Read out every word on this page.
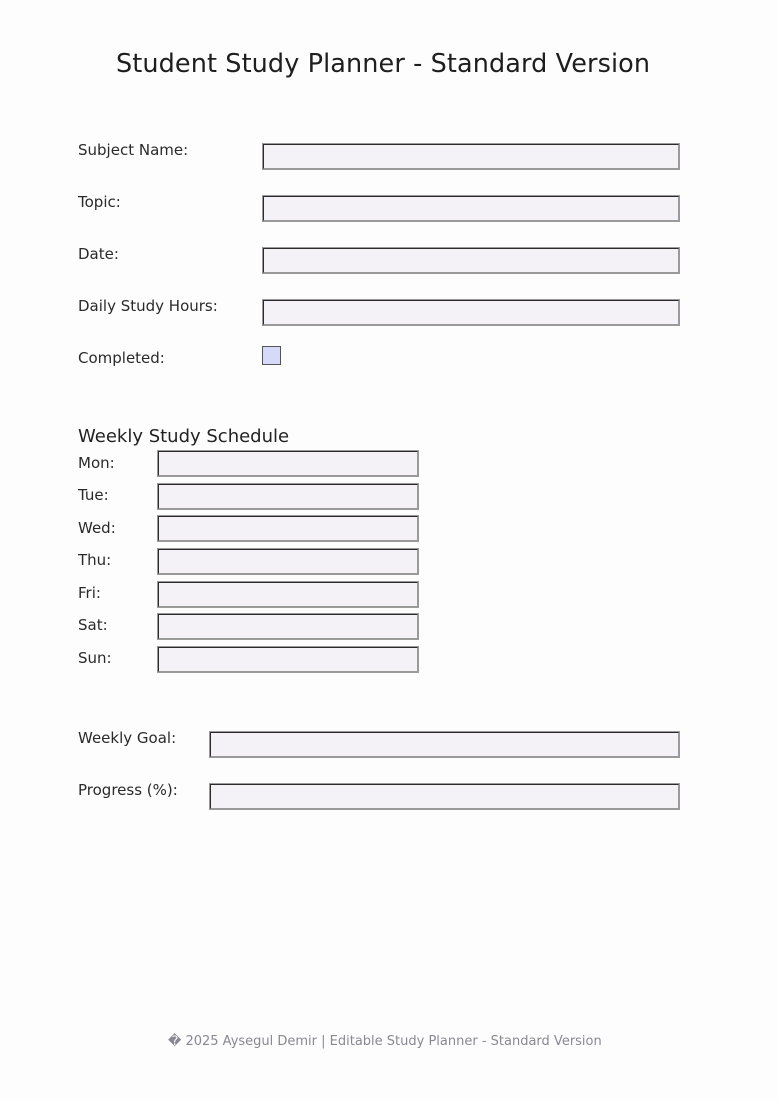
Student Study Planner - Standard Version
Subject Name:
Topic:
Date:
Daily Study Hours:
Completed:
Weekly Study Schedule
Mon:
Tue:
Wed:
Thu:
Fri:
Sat:
Sun:
Weekly Goal:
Progress (%):
� 2025 Aysegul Demir | Editable Study Planner - Standard Version
